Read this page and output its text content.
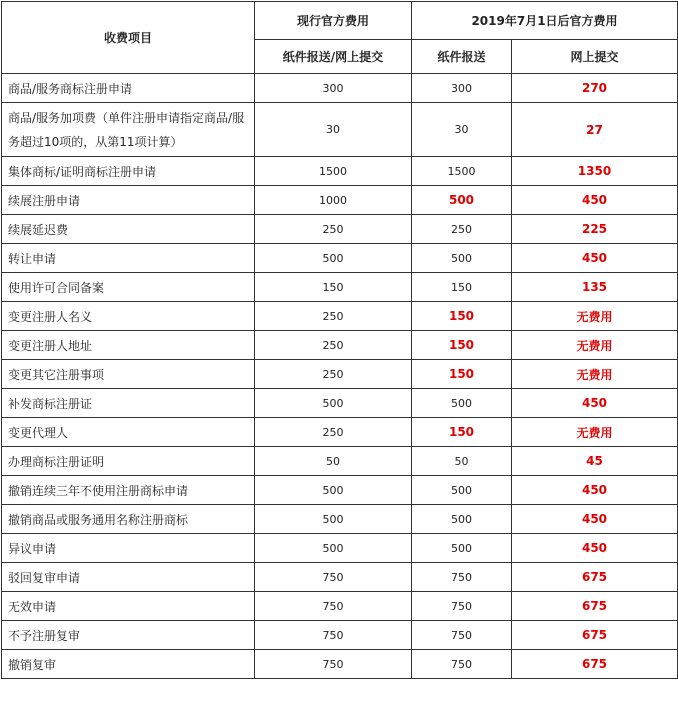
收费项目	现行官方费用	2019年7月1日后官方费用	
	纸件报送/网上提交	纸件报送	网上提交
商品/服务商标注册申请	300	300	270
商品/服务加项费（单件注册申请指定商品/服务超过10项的，从第11项计算）	30	30	27
集体商标/证明商标注册申请	1500	1500	1350
续展注册申请	1000	500	450
续展延迟费	250	250	225
转让申请	500	500	450
使用许可合同备案	150	150	135
变更注册人名义	250	150	无费用
变更注册人地址	250	150	无费用
变更其它注册事项	250	150	无费用
补发商标注册证	500	500	450
变更代理人	250	150	无费用
办理商标注册证明	50	50	45
撤销连续三年不使用注册商标申请	500	500	450
撤销商品或服务通用名称注册商标	500	500	450
异议申请	500	500	450
驳回复审申请	750	750	675
无效申请	750	750	675
不予注册复审	750	750	675
撤销复审	750	750	675
